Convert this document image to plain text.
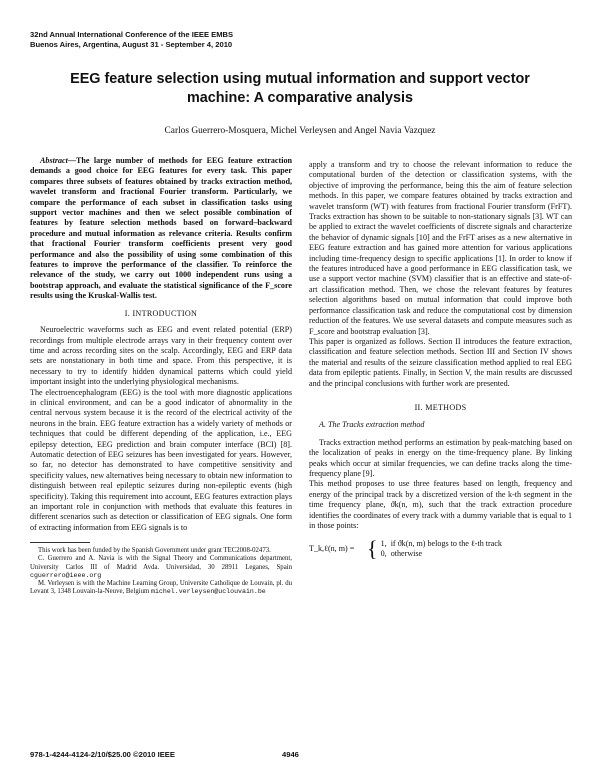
32nd Annual International Conference of the IEEE EMBS
Buenos Aires, Argentina, August 31 - September 4, 2010
EEG feature selection using mutual information and support vector
machine: A comparative analysis
Carlos Guerrero-Mosquera, Michel Verleysen and Angel Navia Vazquez

Abstract—The large number of methods for EEG feature extraction demands a good choice for EEG features for every task. This paper compares three subsets of features obtained by tracks extraction method, wavelet transform and fractional Fourier transform. Particularly, we compare the performance of each subset in classification tasks using support vector machines and then we select possible combination of features by feature selection methods based on forward–backward procedure and mutual information as relevance criteria. Results confirm that fractional Fourier transform coefficients present very good performance and also the possibility of using some combination of this features to improve the performance of the classifier. To reinforce the relevance of the study, we carry out 1000 independent runs using a bootstrap approach, and evaluate the statistical significance of the F_score results using the Kruskal-Wallis test.

I. INTRODUCTION

Neuroelectric waveforms such as EEG and event related potential (ERP) recordings from multiple electrode arrays vary in their frequency content over time and across recording sites on the scalp. Accordingly, EEG and ERP data sets are nonstationary in both time and space. From this perspective, it is necessary to try to identify hidden dynamical patterns which could yield important insight into the underlying physiological mechanisms.

The electroencephalogram (EEG) is the tool with more diagnostic applications in clinical environment, and can be a good indicator of abnormality in the central nervous system because it is the record of the electrical activity of the neurons in the brain. EEG feature extraction has a widely variety of methods or techniques that could be different depending of the application, i.e., EEG epilepsy detection, EEG prediction and brain computer interface (BCI) [8]. Automatic detection of EEG seizures has been investigated for years. However, so far, no detector has demonstrated to have competitive sensitivity and specificity values, new alternatives being necessary to obtain new information to distinguish between real epileptic seizures during non-epileptic events (high specificity). Taking this requirement into account, EEG features extraction plays an important role in conjunction with methods that evaluate this features in different scenarios such as detection or classification of EEG signals. One form of extracting information from EEG signals is to

This work has been funded by the Spanish Government under grant TEC2008-02473.
C. Guerrero and A. Navia is with the Signal Theory and Communications department, University Carlos III of Madrid Avda. Universidad, 30 28911 Leganes, Spain cguerrero@ieee.org
M. Verleysen is with the Machine Learning Group, Universite Catholique de Louvain, pl. du Levant 3, 1348 Louvain-la-Neuve, Belgium michel.verleysen@uclouvain.be

apply a transform and try to choose the relevant information to reduce the computational burden of the detection or classification systems, with the objective of improving the performance, being this the aim of feature selection methods. In this paper, we compare features obtained by tracks extraction and wavelet transform (WT) with features from fractional Fourier transform (FrFT). Tracks extraction has shown to be suitable to non-stationary signals [3]. WT can be applied to extract the wavelet coefficients of discrete signals and characterize the behavior of dynamic signals [10] and the FrFT arises as a new alternative in EEG feature extraction and has gained more attention for various applications including time-frequency design to specific applications [1]. In order to know if the features introduced have a good performance in EEG classification task, we use a support vector machine (SVM) classifier that is an effective and state-of-art classification method. Then, we chose the relevant features by features selection algorithms based on mutual information that could improve both performance classification task and reduce the computational cost by dimension reduction of the features. We use several datasets and compute measures such as F_score and bootstrap evaluation [3].

This paper is organized as follows. Section II introduces the feature extraction, classification and feature selection methods. Section III and Section IV shows the material and results of the seizure classification method applied to real EEG data from epileptic patients. Finally, in Section V, the main results are discussed and the principal conclusions with further work are presented.

II. METHODS
A. The Tracks extraction method

Tracks extraction method performs an estimation by peak-matching based on the localization of peaks in energy on the time-frequency plane. By linking peaks which occur at similar frequencies, we can define tracks along the time-frequency plane [9].

This method proposes to use three features based on length, frequency and energy of the principal track by a discretized version of the k-th segment in the time frequency plane, ϑk(n, m), such that the track extraction procedure identifies the coordinates of every track with a dummy variable that is equal to 1 in those points:

T_k,ℓ(n, m) = { 1, if ϑk(n, m) belogs to the ℓ-th track
0, otherwise
978-1-4244-4124-2/10/$25.00 ©2010 IEEE	4946
